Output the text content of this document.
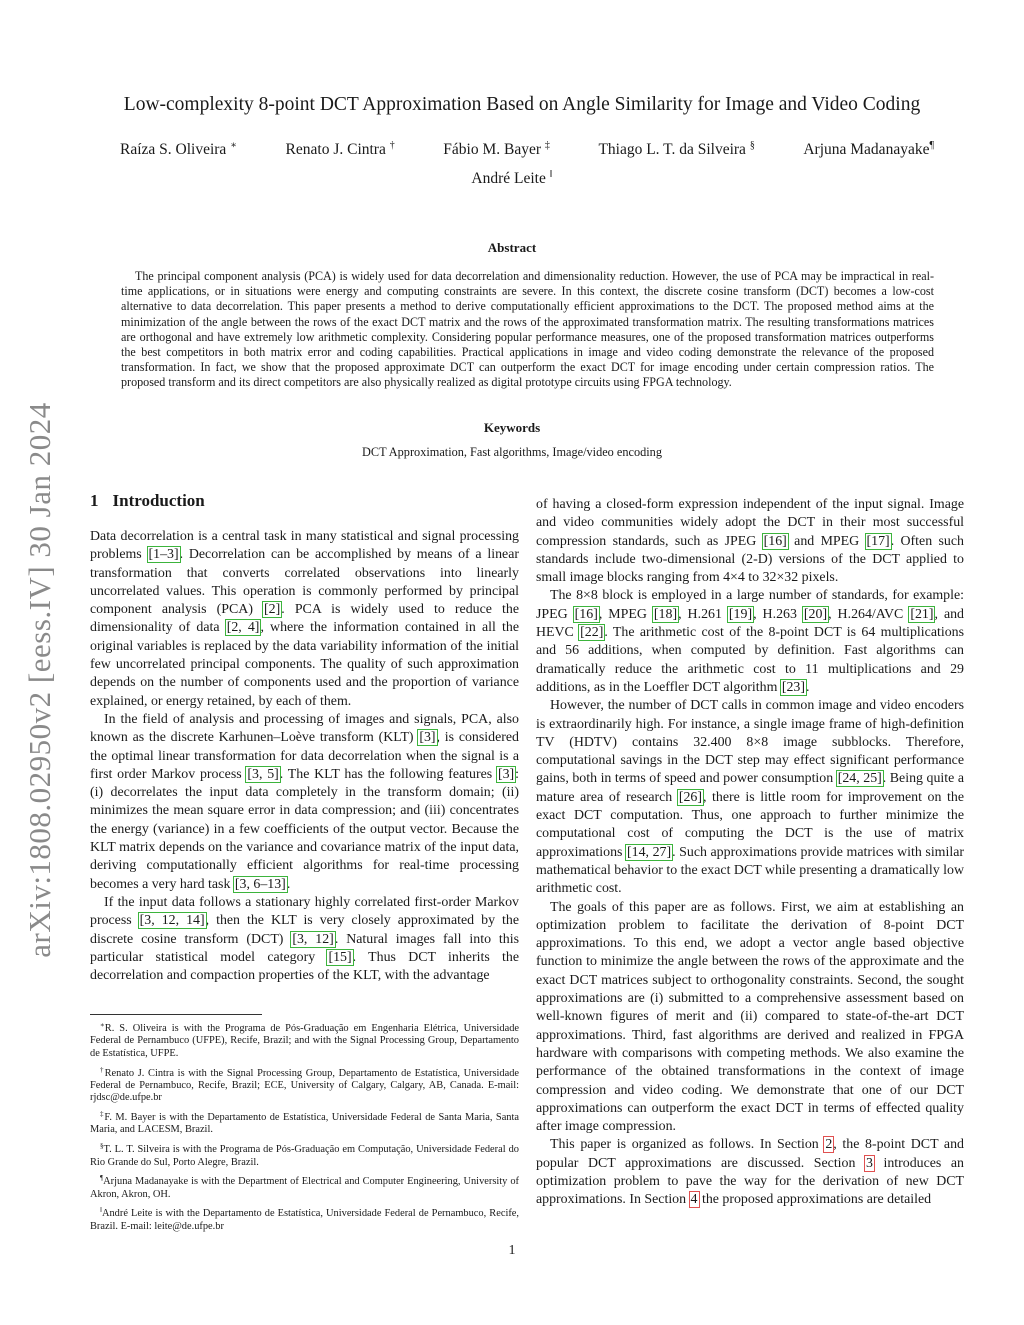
arXiv:1808.02950v2 [eess.IV] 30 Jan 2024
Low-complexity 8-point DCT Approximation Based on Angle Similarity for Image and Video Coding
Raíza S. Oliveira ∗	Renato J. Cintra †	Fábio M. Bayer ‡	Thiago L. T. da Silveira §	Arjuna Madanayake¶
André Leite ‖
Abstract
The principal component analysis (PCA) is widely used for data decorrelation and dimensionality reduction. However, the use of PCA may be impractical in real-time applications, or in situations were energy and computing constraints are severe. In this context, the discrete cosine transform (DCT) becomes a low-cost alternative to data decorrelation. This paper presents a method to derive computationally efficient approximations to the DCT. The proposed method aims at the minimization of the angle between the rows of the exact DCT matrix and the rows of the approximated transformation matrix. The resulting transformations matrices are orthogonal and have extremely low arithmetic complexity. Considering popular performance measures, one of the proposed transformation matrices outperforms the best competitors in both matrix error and coding capabilities. Practical applications in image and video coding demonstrate the relevance of the proposed transformation. In fact, we show that the proposed approximate DCT can outperform the exact DCT for image encoding under certain compression ratios. The proposed transform and its direct competitors are also physically realized as digital prototype circuits using FPGA technology.
Keywords
DCT Approximation, Fast algorithms, Image/video encoding
1 Introduction

Data decorrelation is a central task in many statistical and signal processing problems [1–3]. Decorrelation can be accomplished by means of a linear transformation that converts correlated observations into linearly uncorrelated values. This operation is commonly performed by principal component analysis (PCA) [2]. PCA is widely used to reduce the dimensionality of data [2, 4], where the information contained in all the original variables is replaced by the data variability information of the initial few uncorrelated principal components. The quality of such approximation depends on the number of components used and the proportion of variance explained, or energy retained, by each of them.

In the field of analysis and processing of images and signals, PCA, also known as the discrete Karhunen–Loève transform (KLT) [3], is considered the optimal linear transformation for data decorrelation when the signal is a first order Markov process [3, 5]. The KLT has the following features [3]: (i) decorrelates the input data completely in the transform domain; (ii) minimizes the mean square error in data compression; and (iii) concentrates the energy (variance) in a few coefficients of the output vector. Because the KLT matrix depends on the variance and covariance matrix of the input data, deriving computationally efficient algorithms for real-time processing becomes a very hard task [3, 6–13].

If the input data follows a stationary highly correlated first-order Markov process [3, 12, 14], then the KLT is very closely approximated by the discrete cosine transform (DCT) [3, 12]. Natural images fall into this particular statistical model category [15]. Thus DCT inherits the decorrelation and compaction properties of the KLT, with the advantage

of having a closed-form expression independent of the input signal. Image and video communities widely adopt the DCT in their most successful compression standards, such as JPEG [16] and MPEG [17]. Often such standards include two-dimensional (2-D) versions of the DCT applied to small image blocks ranging from 4×4 to 32×32 pixels.

The 8×8 block is employed in a large number of standards, for example: JPEG [16], MPEG [18], H.261 [19], H.263 [20], H.264/AVC [21], and HEVC [22]. The arithmetic cost of the 8-point DCT is 64 multiplications and 56 additions, when computed by definition. Fast algorithms can dramatically reduce the arithmetic cost to 11 multiplications and 29 additions, as in the Loeffler DCT algorithm [23].

However, the number of DCT calls in common image and video encoders is extraordinarily high. For instance, a single image frame of high-definition TV (HDTV) contains 32.400 8×8 image subblocks. Therefore, computational savings in the DCT step may effect significant performance gains, both in terms of speed and power consumption [24, 25]. Being quite a mature area of research [26], there is little room for improvement on the exact DCT computation. Thus, one approach to further minimize the computational cost of computing the DCT is the use of matrix approximations [14, 27]. Such approximations provide matrices with similar mathematical behavior to the exact DCT while presenting a dramatically low arithmetic cost.

The goals of this paper are as follows. First, we aim at establishing an optimization problem to facilitate the derivation of 8-point DCT approximations. To this end, we adopt a vector angle based objective function to minimize the angle between the rows of the approximate and the exact DCT matrices subject to orthogonality constraints. Second, the sought approximations are (i) submitted to a comprehensive assessment based on well-known figures of merit and (ii) compared to state-of-the-art DCT approximations. Third, fast algorithms are derived and realized in FPGA hardware with comparisons with competing methods. We also examine the performance of the obtained transformations in the context of image compression and video coding. We demonstrate that one of our DCT approximations can outperform the exact DCT in terms of effected quality after image compression.

This paper is organized as follows. In Section 2, the 8-point DCT and popular DCT approximations are discussed. Section 3 introduces an optimization problem to pave the way for the derivation of new DCT approximations. In Section 4 the proposed approximations are detailed

∗R. S. Oliveira is with the Programa de Pós-Graduação em Engenharia Elétrica, Universidade Federal de Pernambuco (UFPE), Recife, Brazil; and with the Signal Processing Group, Departamento de Estatística, UFPE.

†Renato J. Cintra is with the Signal Processing Group, Departamento de Estatística, Universidade Federal de Pernambuco, Recife, Brazil; ECE, University of Calgary, Calgary, AB, Canada. E-mail: rjdsc@de.ufpe.br

‡F. M. Bayer is with the Departamento de Estatística, Universidade Federal de Santa Maria, Santa Maria, and LACESM, Brazil.

§T. L. T. Silveira is with the Programa de Pós-Graduação em Computação, Universidade Federal do Rio Grande do Sul, Porto Alegre, Brazil.

¶Arjuna Madanayake is with the Department of Electrical and Computer Engineering, University of Akron, Akron, OH.

‖André Leite is with the Departamento de Estatística, Universidade Federal de Pernambuco, Recife, Brazil. E-mail: leite@de.ufpe.br

1
